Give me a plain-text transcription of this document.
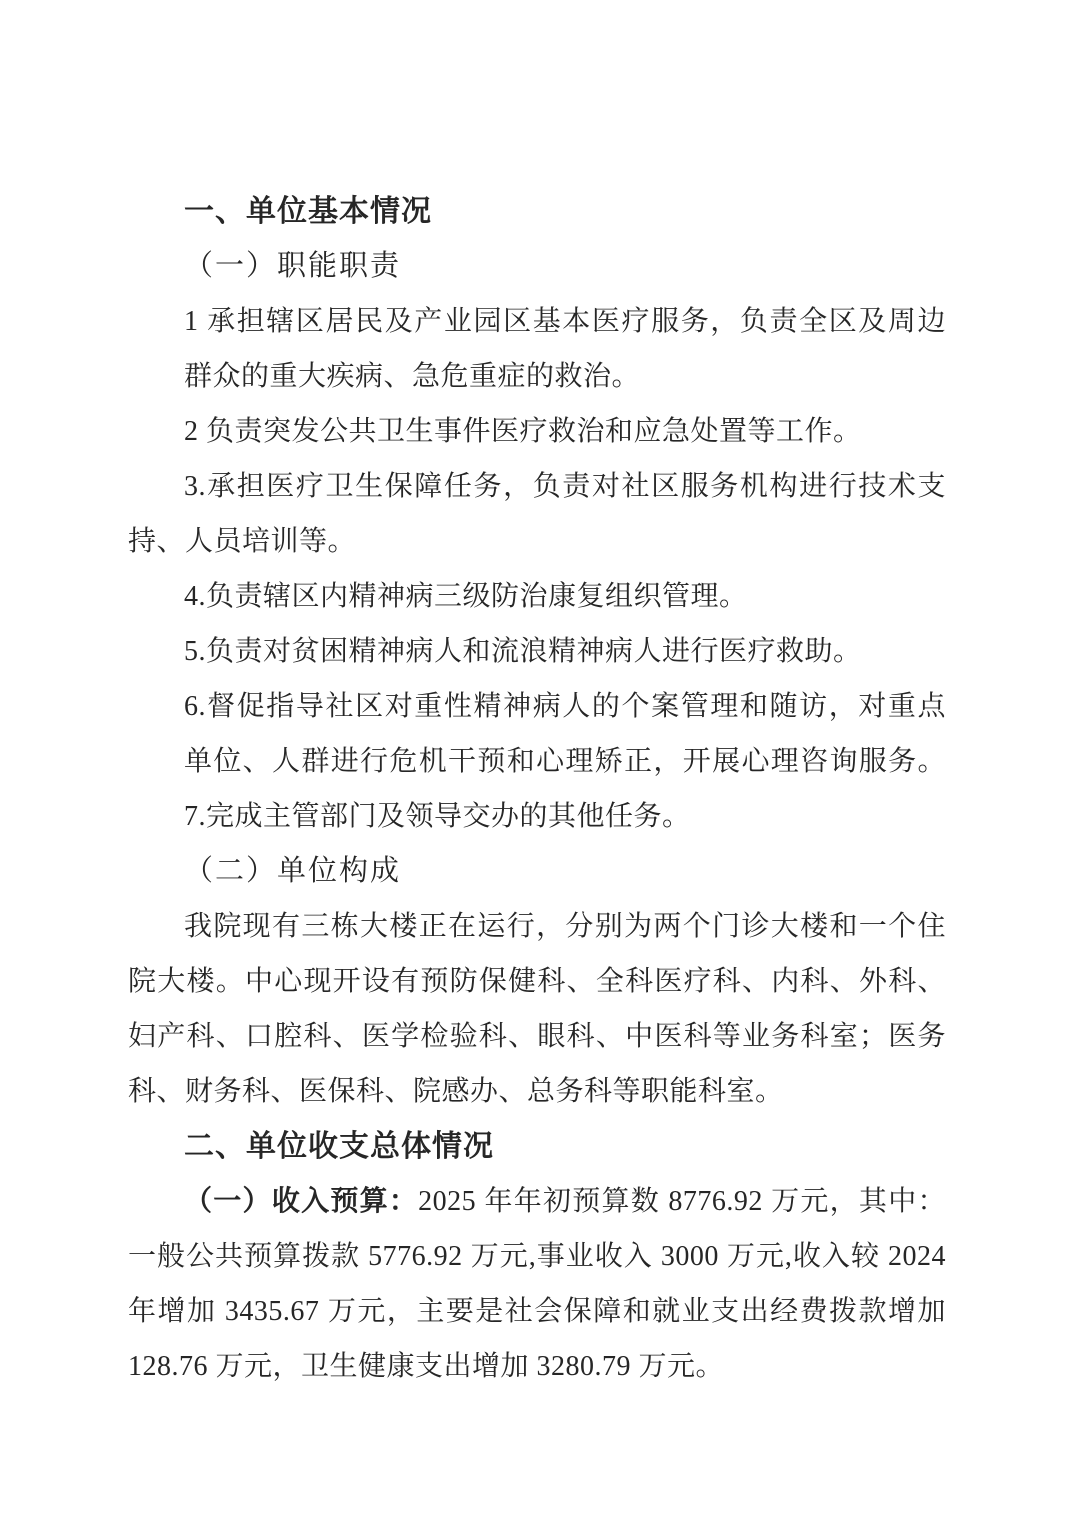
一、单位基本情况
（一）职能职责
1 承担辖区居民及产业园区基本医疗服务，负责全区及周边
群众的重大疾病、急危重症的救治。
2 负责突发公共卫生事件医疗救治和应急处置等工作。
3.承担医疗卫生保障任务，负责对社区服务机构进行技术支
持、人员培训等。
4.负责辖区内精神病三级防治康复组织管理。
5.负责对贫困精神病人和流浪精神病人进行医疗救助。
6.督促指导社区对重性精神病人的个案管理和随访，对重点
单位、人群进行危机干预和心理矫正，开展心理咨询服务。
7.完成主管部门及领导交办的其他任务。
（二）单位构成
我院现有三栋大楼正在运行，分别为两个门诊大楼和一个住
院大楼。中心现开设有预防保健科、全科医疗科、内科、外科、
妇产科、口腔科、医学检验科、眼科、中医科等业务科室；医务
科、财务科、医保科、院感办、总务科等职能科室。
二、单位收支总体情况
（一）收入预算：2025 年年初预算数 8776.92 万元，其中：
一般公共预算拨款 5776.92 万元,事业收入 3000 万元,收入较 2024
年增加 3435.67 万元，主要是社会保障和就业支出经费拨款增加
128.76 万元，卫生健康支出增加 3280.79 万元。
